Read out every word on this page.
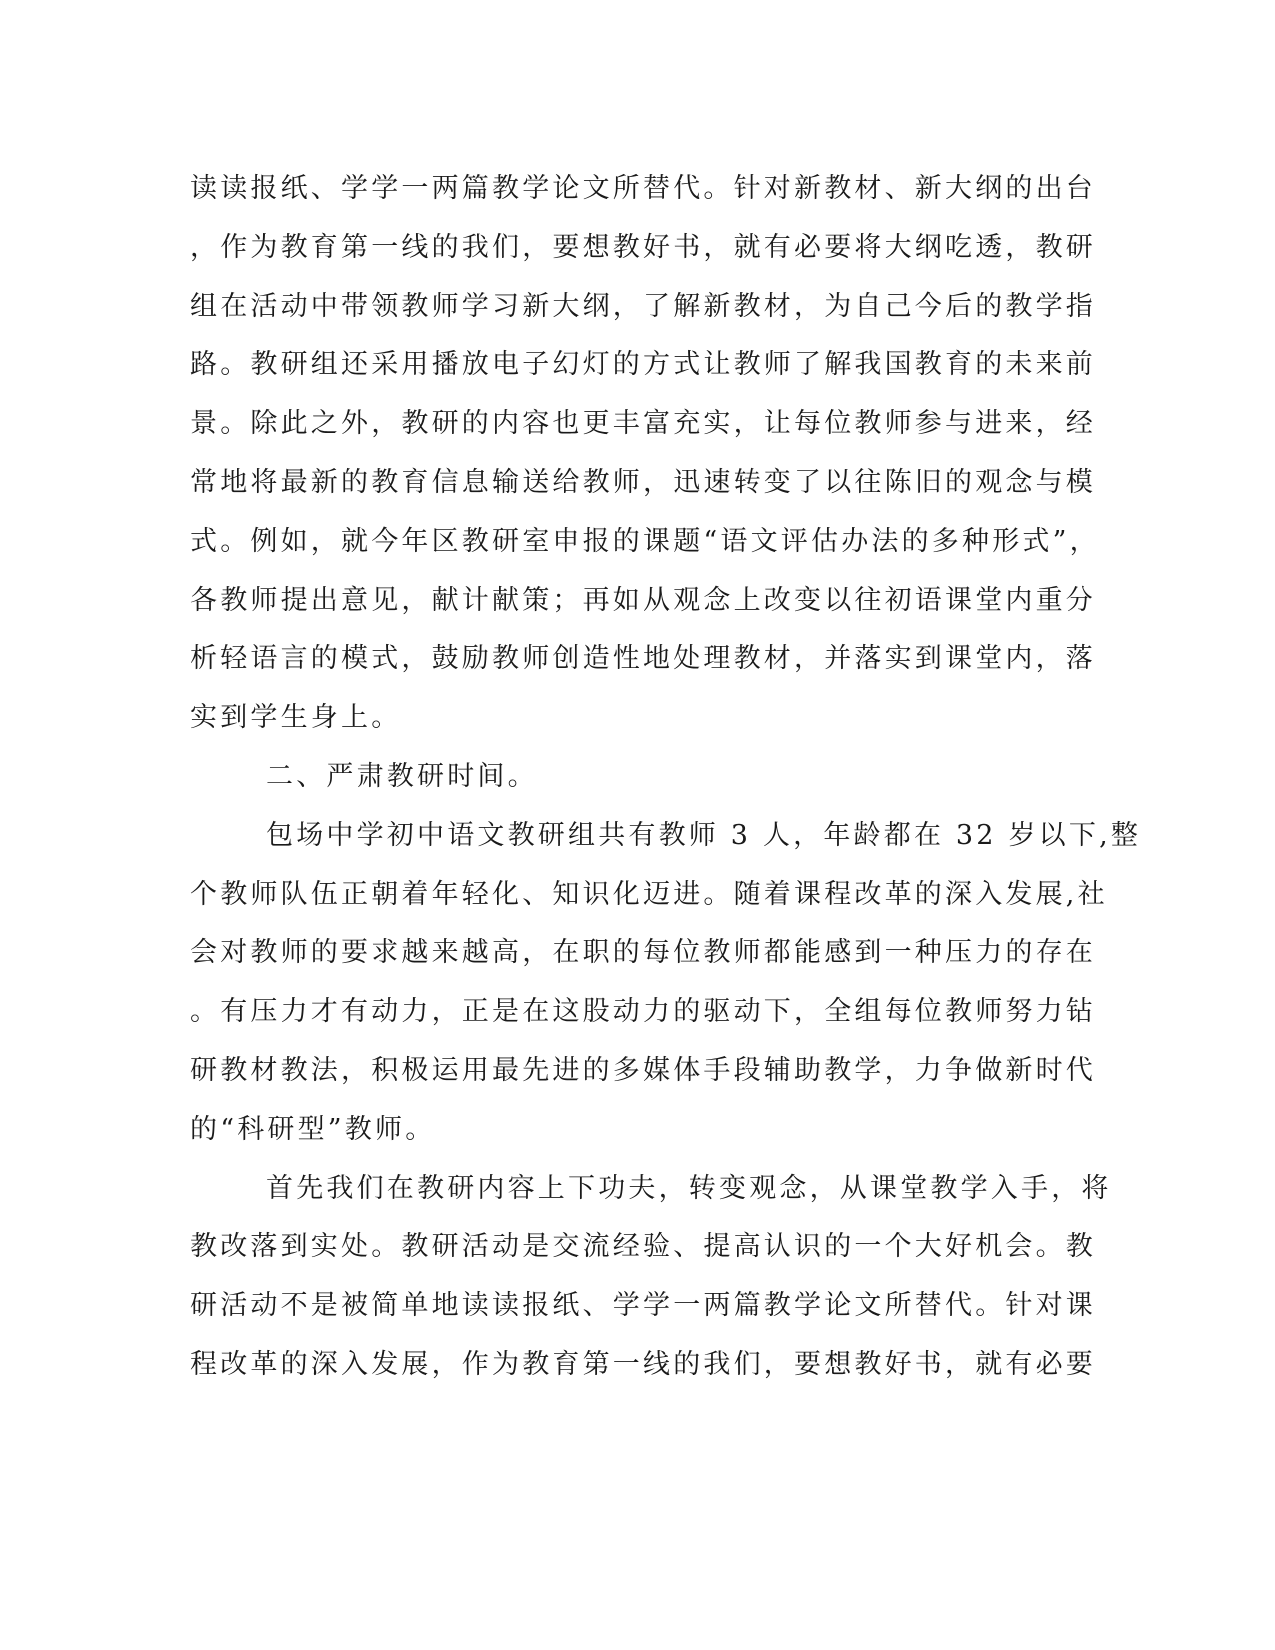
读读报纸、学学一两篇教学论文所替代。针对新教材、新大纲的出台
，作为教育第一线的我们，要想教好书，就有必要将大纲吃透，教研
组在活动中带领教师学习新大纲，了解新教材，为自己今后的教学指
路。教研组还采用播放电子幻灯的方式让教师了解我国教育的未来前
景。除此之外，教研的内容也更丰富充实，让每位教师参与进来，经
常地将最新的教育信息输送给教师，迅速转变了以往陈旧的观念与模
式。例如，就今年区教研室申报的课题“语文评估办法的多种形式”，
各教师提出意见，献计献策；再如从观念上改变以往初语课堂内重分
析轻语言的模式，鼓励教师创造性地处理教材，并落实到课堂内，落
实到学生身上。
二、严肃教研时间。
包场中学初中语文教研组共有教师 3 人，年龄都在 32 岁以下,整
个教师队伍正朝着年轻化、知识化迈进。随着课程改革的深入发展,社
会对教师的要求越来越高，在职的每位教师都能感到一种压力的存在
。有压力才有动力，正是在这股动力的驱动下，全组每位教师努力钻
研教材教法，积极运用最先进的多媒体手段辅助教学，力争做新时代
的“科研型”教师。
首先我们在教研内容上下功夫，转变观念，从课堂教学入手，将
教改落到实处。教研活动是交流经验、提高认识的一个大好机会。教
研活动不是被简单地读读报纸、学学一两篇教学论文所替代。针对课
程改革的深入发展，作为教育第一线的我们，要想教好书，就有必要
